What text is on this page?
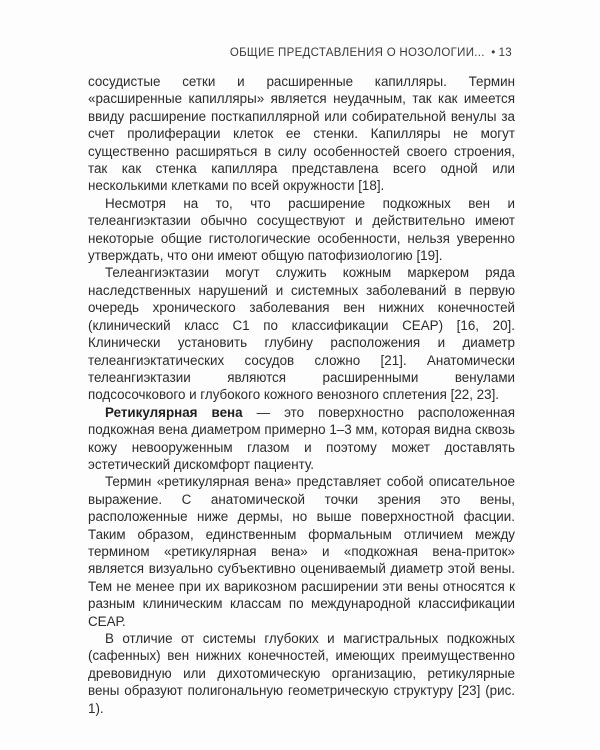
ОБЩИЕ ПРЕДСТАВЛЕНИЯ О НОЗОЛОГИИ... • 13

сосудистые сетки и расширенные капилляры. Термин «расширенные капилляры» является неудачным, так как имеется ввиду расширение посткапиллярной или собирательной венулы за счет пролиферации клеток ее стенки. Капилляры не могут существенно расширяться в силу особенностей своего строения, так как стенка капилляра представлена всего одной или несколькими клетками по всей окружности [18].

Несмотря на то, что расширение подкожных вен и телеангиэктазии обычно сосуществуют и действительно имеют некоторые общие гистологические особенности, нельзя уверенно утверждать, что они имеют общую патофизиологию [19].

Телеангиэктазии могут служить кожным маркером ряда наследственных нарушений и системных заболеваний в первую очередь хронического заболевания вен нижних конечностей (клинический класс С1 по классификации СЕАР) [16, 20]. Клинически установить глубину расположения и диаметр телеангиэктатических сосудов сложно [21]. Анатомически телеангиэктазии являются расширенными венулами подсосочкового и глубокого кожного венозного сплетения [22, 23].

Ретикулярная вена — это поверхностно расположенная подкожная вена диаметром примерно 1–3 мм, которая видна сквозь кожу невооруженным глазом и поэтому может доставлять эстетический дискомфорт пациенту.

Термин «ретикулярная вена» представляет собой описательное выражение. С анатомической точки зрения это вены, расположенные ниже дермы, но выше поверхностной фасции. Таким образом, единственным формальным отличием между термином «ретикулярная вена» и «подкожная вена-приток» является визуально субъективно оцениваемый диаметр этой вены. Тем не менее при их варикозном расширении эти вены относятся к разным клиническим классам по международной классификации СЕАР.

В отличие от системы глубоких и магистральных подкожных (сафенных) вен нижних конечностей, имеющих преимущественно древовидную или дихотомическую организацию, ретикулярные вены образуют полигональную геометрическую структуру [23] (рис. 1).
